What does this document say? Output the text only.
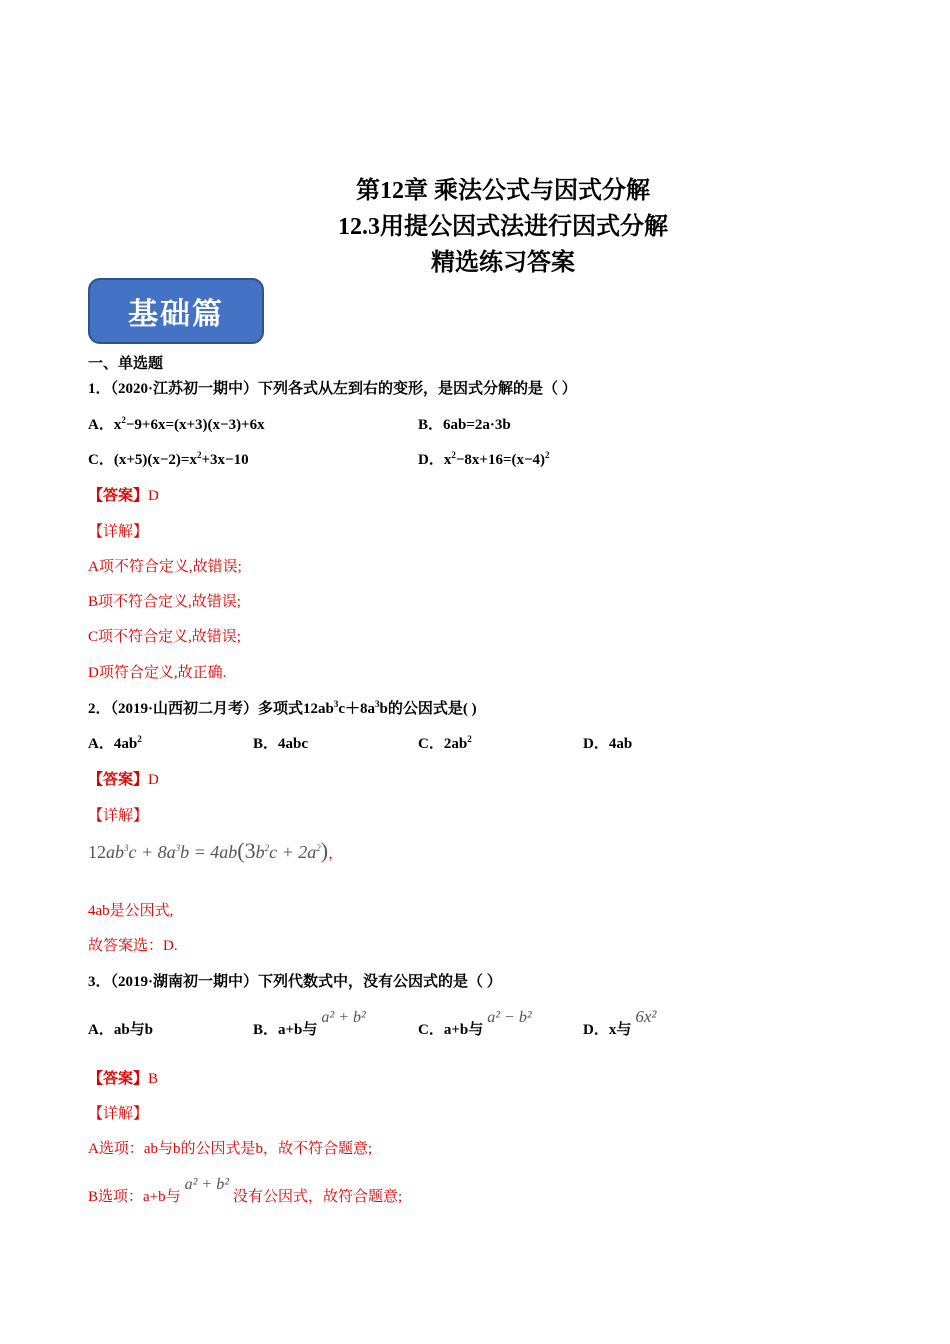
第12章 乘法公式与因式分解
12.3用提公因式法进行因式分解
精选练习答案
基础篇
一、单选题
1．（2020·江苏初一期中）下列各式从左到右的变形，是因式分解的是（ ）
A．$x^2-9+6x=(x+3)(x-3)+6x$	B．6ab=2a·3b
C．$(x+5)(x-2)=x^2+3x-10$	D．$x^2-8x+16=(x-4)^2$
【答案】D
【详解】
A项不符合定义,故错误;
B项不符合定义,故错误;
C项不符合定义,故错误;
D项符合定义,故正确.
2．（2019·山西初二月考）多项式$12ab^3c+8a^3b$的公因式是( )
A．$4ab^2$	B．4abc	C．$2ab^2$	D．4ab
【答案】D
【详解】
$12ab^3c + 8a^3b = 4ab(3b^2c + 2a^2)$，
4ab是公因式,
故答案选：D.
3．（2019·湖南初一期中）下列代数式中，没有公因式的是（ ）
A．ab与b	B．a+b与a² + b²
C．a+b与a² − b²
D．x与6x²
【答案】B
【详解】
A选项：ab与b的公因式是b，故不符合题意;
B选项：a+b与a² + b²没有公因式，故符合题意;
